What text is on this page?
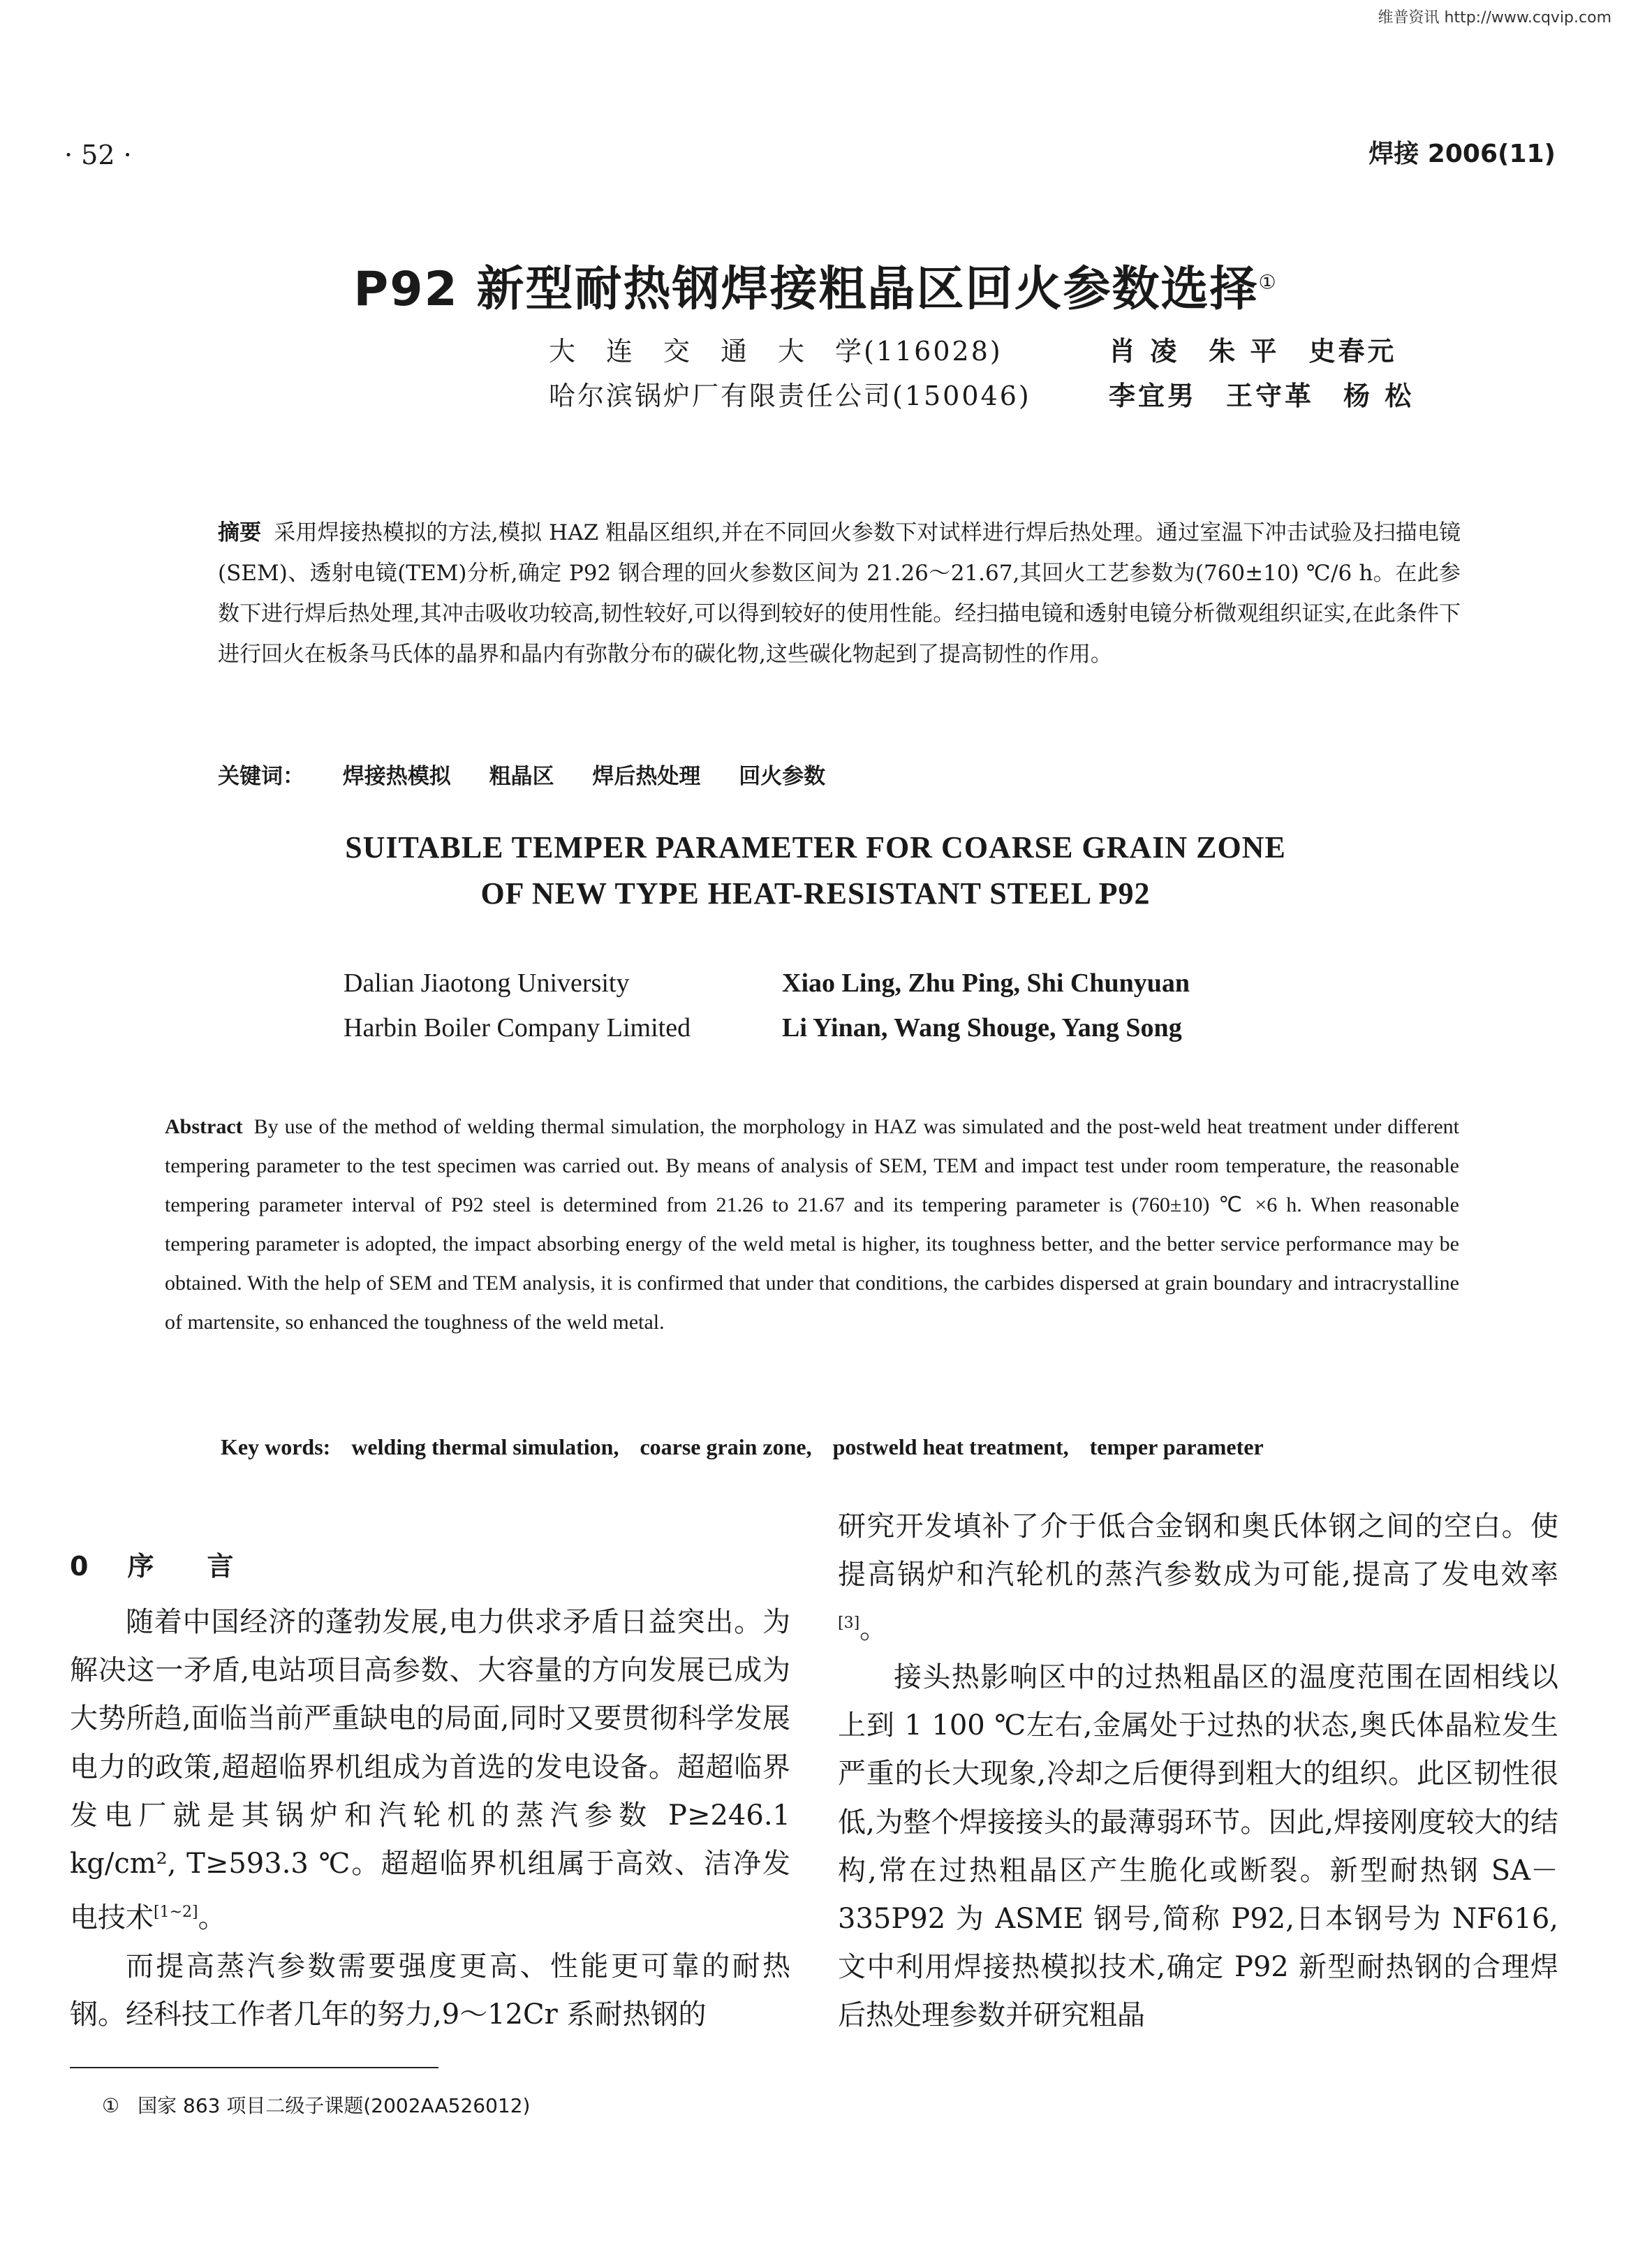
维普资讯 http://www.cqvip.com
· 52 ·	焊接 2006(11)
P92 新型耐热钢焊接粗晶区回火参数选择①
大　连　交　通　大　学(116028)	肖 凌　朱 平　史春元
哈尔滨锅炉厂有限责任公司(150046)	李宜男　王守革　杨 松
摘要 采用焊接热模拟的方法,模拟 HAZ 粗晶区组织,并在不同回火参数下对试样进行焊后热处理。通过室温下冲击试验及扫描电镜(SEM)、透射电镜(TEM)分析,确定 P92 钢合理的回火参数区间为 21.26～21.67,其回火工艺参数为(760±10) ℃/6 h。在此参数下进行焊后热处理,其冲击吸收功较高,韧性较好,可以得到较好的使用性能。经扫描电镜和透射电镜分析微观组织证实,在此条件下进行回火在板条马氏体的晶界和晶内有弥散分布的碳化物,这些碳化物起到了提高韧性的作用。
关键词： 焊接热模拟 粗晶区 焊后热处理 回火参数
SUITABLE TEMPER PARAMETER FOR COARSE GRAIN ZONE
OF NEW TYPE HEAT-RESISTANT STEEL P92
Dalian Jiaotong University	Xiao Ling, Zhu Ping, Shi Chunyuan
Harbin Boiler Company Limited	Li Yinan, Wang Shouge, Yang Song
Abstract By use of the method of welding thermal simulation, the morphology in HAZ was simulated and the post-weld heat treatment under different tempering parameter to the test specimen was carried out. By means of analysis of SEM, TEM and impact test under room temperature, the reasonable tempering parameter interval of P92 steel is determined from 21.26 to 21.67 and its tempering parameter is (760±10) ℃ ×6 h. When reasonable tempering parameter is adopted, the impact absorbing energy of the weld metal is higher, its toughness better, and the better service performance may be obtained. With the help of SEM and TEM analysis, it is confirmed that under that conditions, the carbides dispersed at grain boundary and intracrystalline of martensite, so enhanced the toughness of the weld metal.
Key words: welding thermal simulation, coarse grain zone, postweld heat treatment, temper parameter
0 序　　言

随着中国经济的蓬勃发展,电力供求矛盾日益突出。为解决这一矛盾,电站项目高参数、大容量的方向发展已成为大势所趋,面临当前严重缺电的局面,同时又要贯彻科学发展电力的政策,超超临界机组成为首选的发电设备。超超临界发电厂就是其锅炉和汽轮机的蒸汽参数 P≥246.1 kg/cm², T≥593.3 ℃。超超临界机组属于高效、洁净发电技术[1~2]。

而提高蒸汽参数需要强度更高、性能更可靠的耐热钢。经科技工作者几年的努力,9～12Cr 系耐热钢的

研究开发填补了介于低合金钢和奥氏体钢之间的空白。使提高锅炉和汽轮机的蒸汽参数成为可能,提高了发电效率[3]。

接头热影响区中的过热粗晶区的温度范围在固相线以上到 1 100 ℃左右,金属处于过热的状态,奥氏体晶粒发生严重的长大现象,冷却之后便得到粗大的组织。此区韧性很低,为整个焊接接头的最薄弱环节。因此,焊接刚度较大的结构,常在过热粗晶区产生脆化或断裂。新型耐热钢 SA－335P92 为 ASME 钢号,简称 P92,日本钢号为 NF616,文中利用焊接热模拟技术,确定 P92 新型耐热钢的合理焊后热处理参数并研究粗晶

① 国家 863 项目二级子课题(2002AA526012)
